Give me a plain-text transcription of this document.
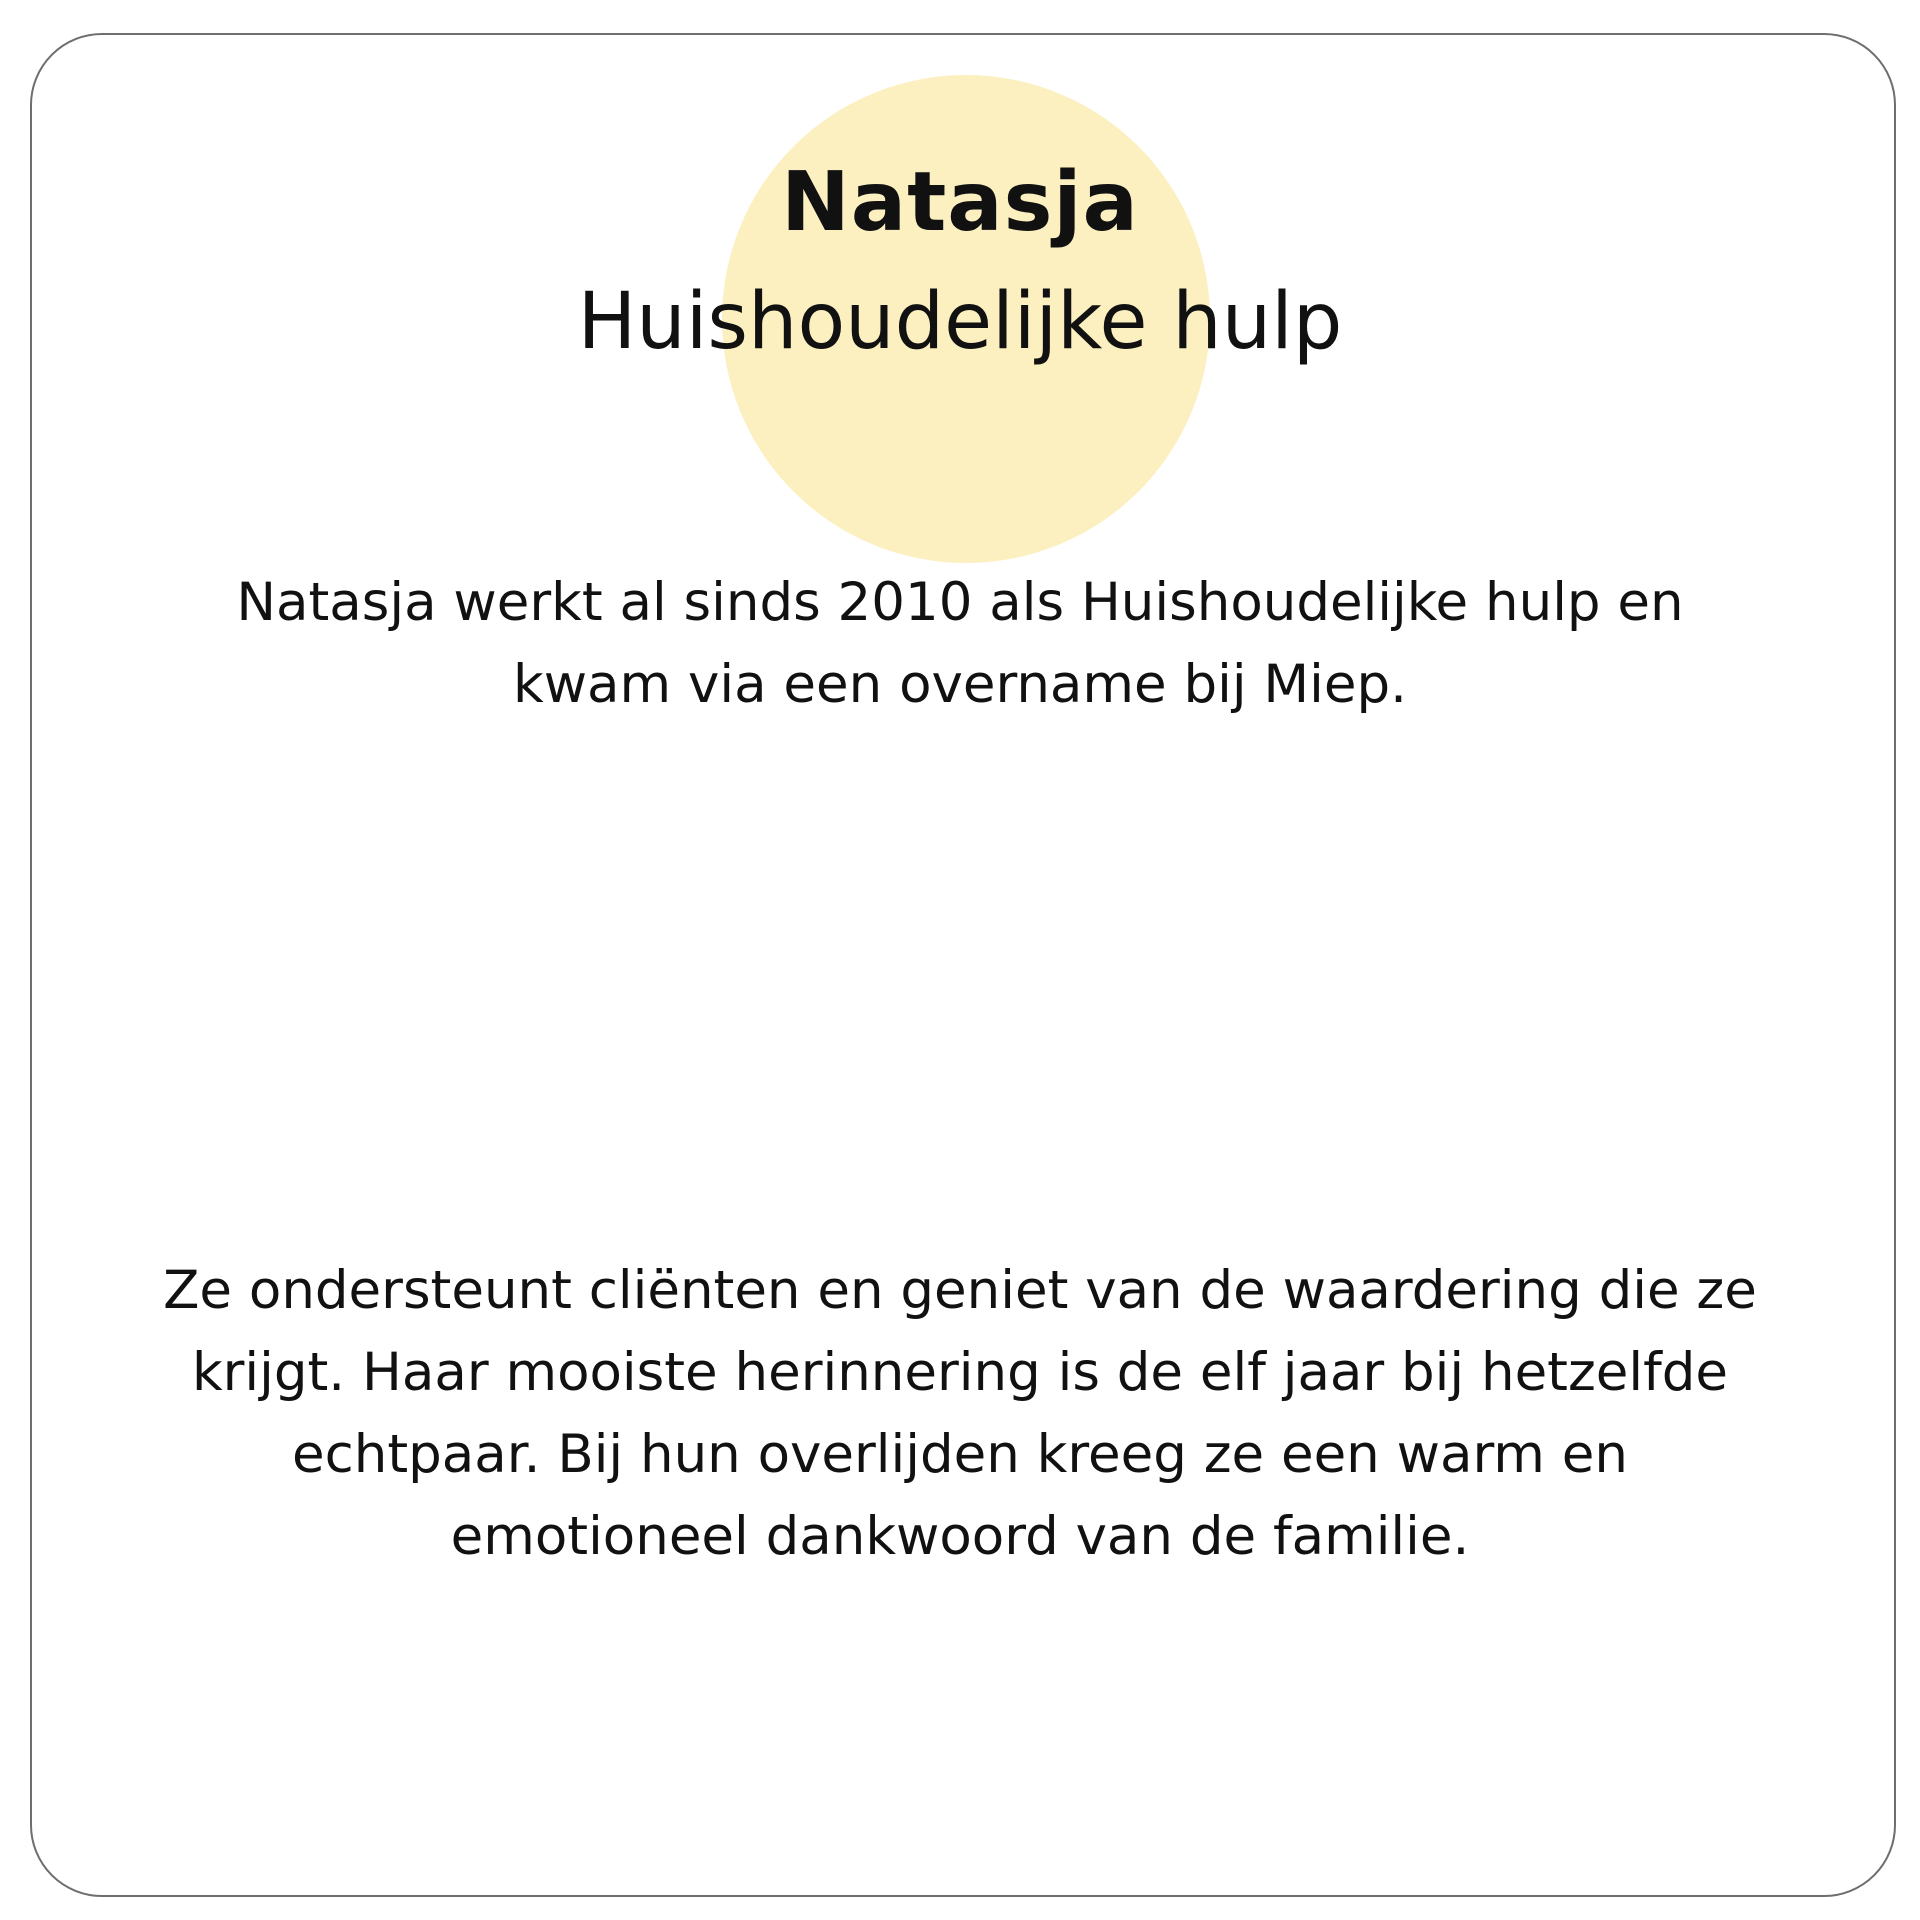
Natasja
Huishoudelijke hulp

Natasja werkt al sinds 2010 als Huishoudelijke hulp en kwam via een overname bij Miep.

Ze ondersteunt cliënten en geniet van de waardering die ze krijgt. Haar mooiste herinnering is de elf jaar bij hetzelfde echtpaar. Bij hun overlijden kreeg ze een warm en emotioneel dankwoord van de familie.
